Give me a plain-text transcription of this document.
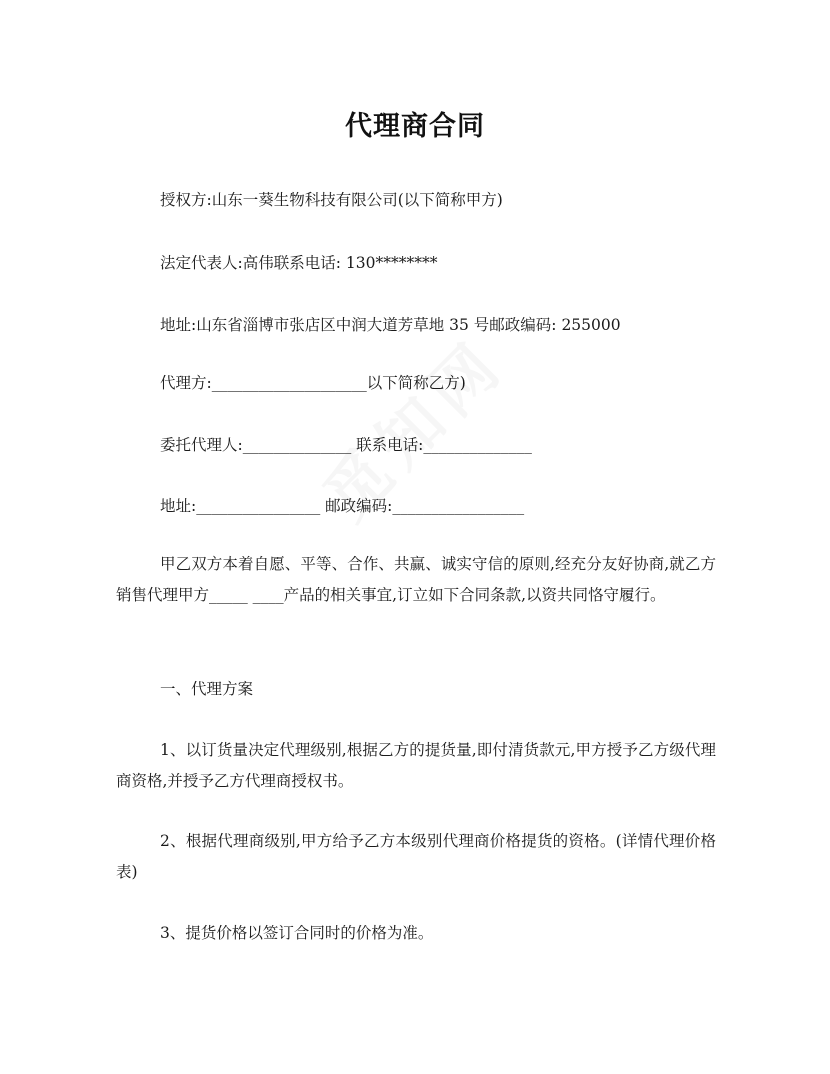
代理商合同
授权方:山东一葵生物科技有限公司(以下简称甲方)
法定代表人:高伟联系电话: 130********
地址:山东省淄博市张店区中润大道芳草地 35 号邮政编码: 255000
代理方:____________________以下简称乙方)
委托代理人:______________ 联系电话:______________
地址:________________ 邮政编码:_________________
甲乙双方本着自愿、平等、合作、共赢、诚实守信的原则,经充分友好协商,就乙方销售代理甲方_____ ____产品的相关事宜,订立如下合同条款,以资共同恪守履行。
一、代理方案
1、以订货量决定代理级别,根据乙方的提货量,即付清货款元,甲方授予乙方级代理商资格,并授予乙方代理商授权书。
2、根据代理商级别,甲方给予乙方本级别代理商价格提货的资格。(详情代理价格表)
3、提货价格以签订合同时的价格为准。
